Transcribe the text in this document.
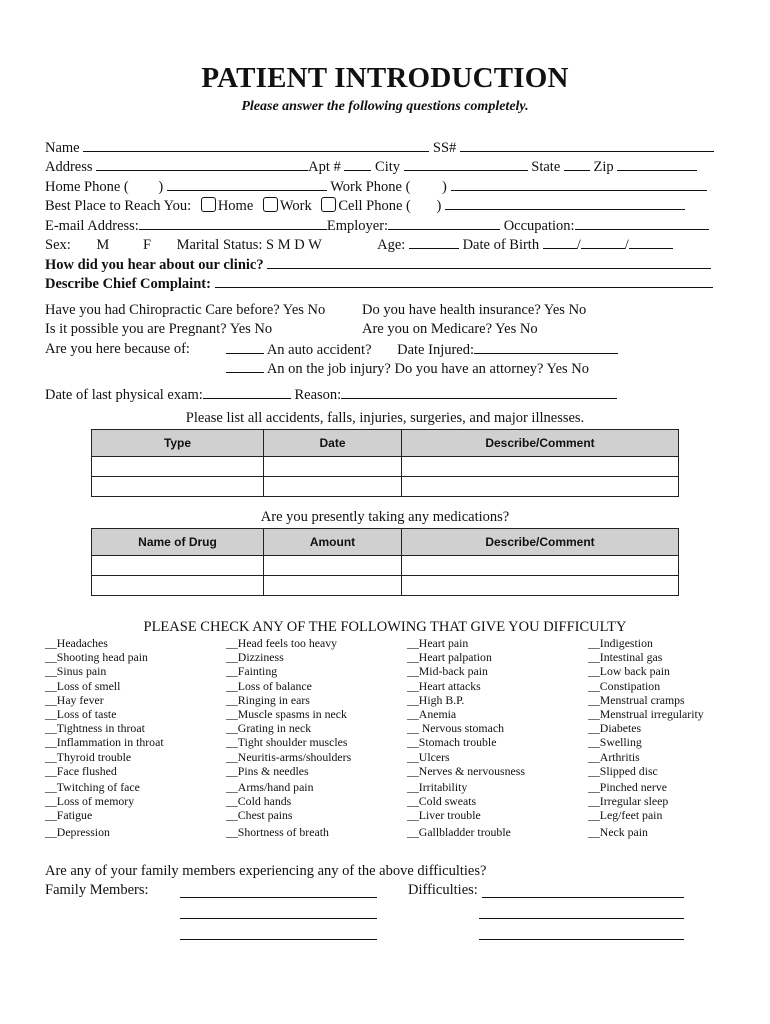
PATIENT INTRODUCTION
Please answer the following questions completely.
Name	SS#
Address	Apt # City	State Zip
Home Phone ( )	Work Phone ( )
Best Place to Reach You: Home Work Cell Phone ( )
E-mail Address:	Employer:	Occupation:
Sex: M F Marital Status: S M D W	Age:	Date of Birth	/	/
How did you hear about our clinic?
Describe Chief Complaint:
Have you had Chiropractic Care before? Yes No	Do you have health insurance? Yes No
Is it possible you are Pregnant? Yes No	Are you on Medicare? Yes No
Are you here because of:	An auto accident? Date Injured:
An on the job injury? Do you have an attorney? Yes No
Date of last physical exam:	Reason:
Please list all accidents, falls, injuries, surgeries, and major illnesses.
Type	Date	Describe/Comment

Are you presently taking any medications?
Name of Drug	Amount	Describe/Comment

PLEASE CHECK ANY OF THE FOLLOWING THAT GIVE YOU DIFFICULTY
__Headaches
__Shooting head pain
__Sinus pain
__Loss of smell
__Hay fever
__Loss of taste
__Tightness in throat
__Inflammation in throat
__Thyroid trouble
__Face flushed
__Twitching of face
__Loss of memory
__Fatigue
__Depression
__Head feels too heavy
__Dizziness
__Fainting
__Loss of balance
__Ringing in ears
__Muscle spasms in neck
__Grating in neck
__Tight shoulder muscles
__Neuritis-arms/shoulders
__Pins & needles
__Arms/hand pain
__Cold hands
__Chest pains
__Shortness of breath
__Heart pain
__Heart palpation
__Mid-back pain
__Heart attacks
__High B.P.
__Anemia
__ Nervous stomach
__Stomach trouble
__Ulcers
__Nerves & nervousness
__Irritability
__Cold sweats
__Liver trouble
__Gallbladder trouble
__Indigestion
__Intestinal gas
__Low back pain
__Constipation
__Menstrual cramps
__Menstrual irregularity
__Diabetes
__Swelling
__Arthritis
__Slipped disc
__Pinched nerve
__Irregular sleep
__Leg/feet pain
__Neck pain
Are any of your family members experiencing any of the above difficulties?
Family Members:	Difficulties:
